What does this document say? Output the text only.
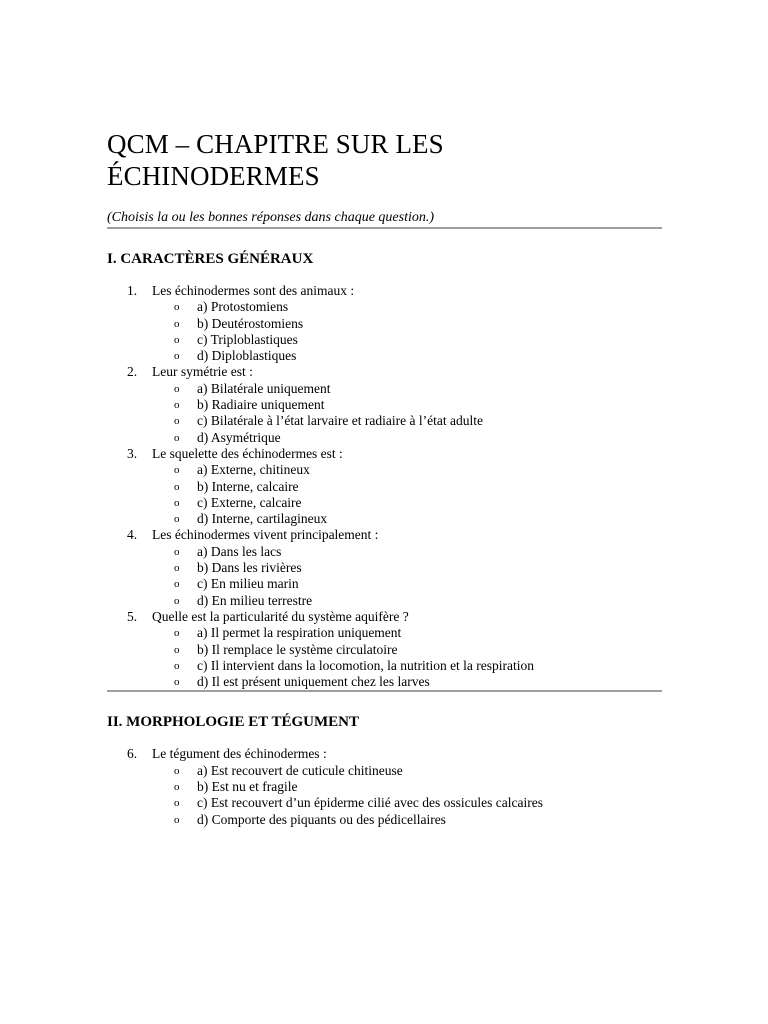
QCM – CHAPITRE SUR LES
ÉCHINODERMES

(Choisis la ou les bonnes réponses dans chaque question.)

I. CARACTÈRES GÉNÉRAUX
1. Les échinodermes sont des animaux :
o a) Protostomiens
o b) Deutérostomiens
o c) Triploblastiques
o d) Diploblastiques
2. Leur symétrie est :
o a) Bilatérale uniquement
o b) Radiaire uniquement
o c) Bilatérale à l’état larvaire et radiaire à l’état adulte
o d) Asymétrique
3. Le squelette des échinodermes est :
o a) Externe, chitineux
o b) Interne, calcaire
o c) Externe, calcaire
o d) Interne, cartilagineux
4. Les échinodermes vivent principalement :
o a) Dans les lacs
o b) Dans les rivières
o c) En milieu marin
o d) En milieu terrestre
5. Quelle est la particularité du système aquifère ?
o a) Il permet la respiration uniquement
o b) Il remplace le système circulatoire
o c) Il intervient dans la locomotion, la nutrition et la respiration
o d) Il est présent uniquement chez les larves
II. MORPHOLOGIE ET TÉGUMENT
6. Le tégument des échinodermes :
o a) Est recouvert de cuticule chitineuse
o b) Est nu et fragile
o c) Est recouvert d’un épiderme cilié avec des ossicules calcaires
o d) Comporte des piquants ou des pédicellaires
